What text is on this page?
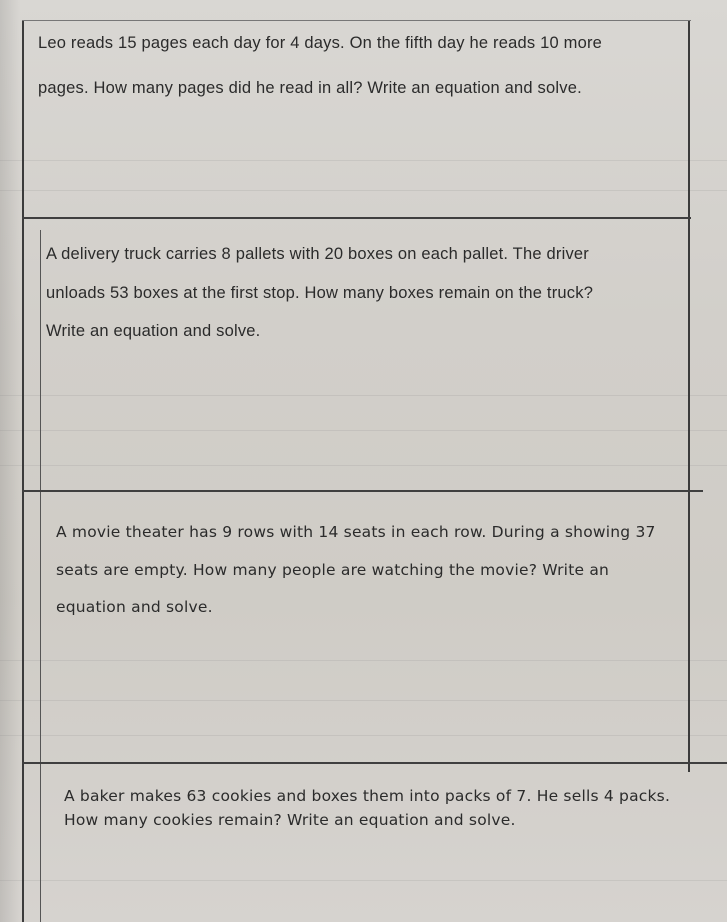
Leo reads 15 pages each day for 4 days. On the fifth day he reads 10 more

pages. How many pages did he read in all? Write an equation and solve.

A delivery truck carries 8 pallets with 20 boxes on each pallet. The driver

unloads 53 boxes at the first stop. How many boxes remain on the truck?

Write an equation and solve.

A movie theater has 9 rows with 14 seats in each row. During a showing 37

seats are empty. How many people are watching the movie? Write an

equation and solve.

A baker makes 63 cookies and boxes them into packs of 7. He sells 4 packs.

How many cookies remain? Write an equation and solve.
